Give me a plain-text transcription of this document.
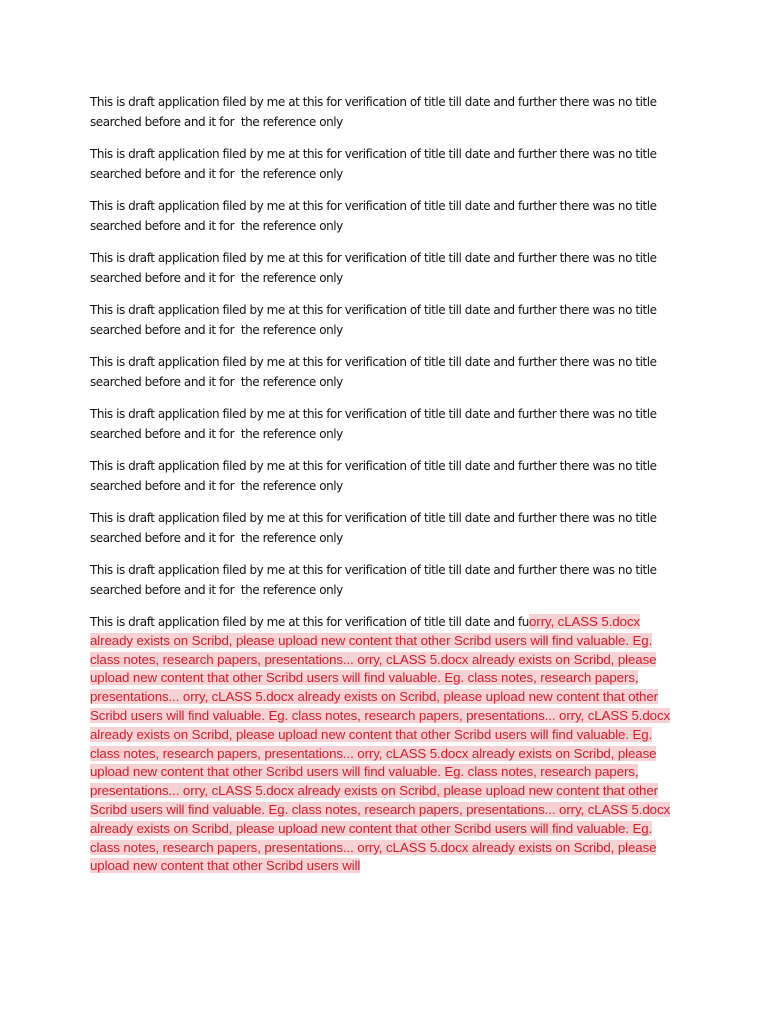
This is draft application filed by me at this for verification of title till date and further there was no title searched before and it for  the reference only

This is draft application filed by me at this for verification of title till date and further there was no title searched before and it for  the reference only

This is draft application filed by me at this for verification of title till date and further there was no title searched before and it for  the reference only

This is draft application filed by me at this for verification of title till date and further there was no title searched before and it for  the reference only

This is draft application filed by me at this for verification of title till date and further there was no title searched before and it for  the reference only

This is draft application filed by me at this for verification of title till date and further there was no title searched before and it for  the reference only

This is draft application filed by me at this for verification of title till date and further there was no title searched before and it for  the reference only

This is draft application filed by me at this for verification of title till date and further there was no title searched before and it for  the reference only

This is draft application filed by me at this for verification of title till date and further there was no title searched before and it for  the reference only

This is draft application filed by me at this for verification of title till date and further there was no title searched before and it for  the reference only

This is draft application filed by me at this for verification of title till date and fuorry, cLASS 5.docx already exists on Scribd, please upload new content that other Scribd users will find valuable. Eg. class notes, research papers, presentations... orry, cLASS 5.docx already exists on Scribd, please upload new content that other Scribd users will find valuable. Eg. class notes, research papers, presentations... orry, cLASS 5.docx already exists on Scribd, please upload new content that other Scribd users will find valuable. Eg. class notes, research papers, presentations... orry, cLASS 5.docx already exists on Scribd, please upload new content that other Scribd users will find valuable. Eg. class notes, research papers, presentations... orry, cLASS 5.docx already exists on Scribd, please upload new content that other Scribd users will find valuable. Eg. class notes, research papers, presentations... orry, cLASS 5.docx already exists on Scribd, please upload new content that other Scribd users will find valuable. Eg. class notes, research papers, presentations... orry, cLASS 5.docx already exists on Scribd, please upload new content that other Scribd users will find valuable. Eg. class notes, research papers, presentations... orry, cLASS 5.docx already exists on Scribd, please upload new content that other Scribd users will
